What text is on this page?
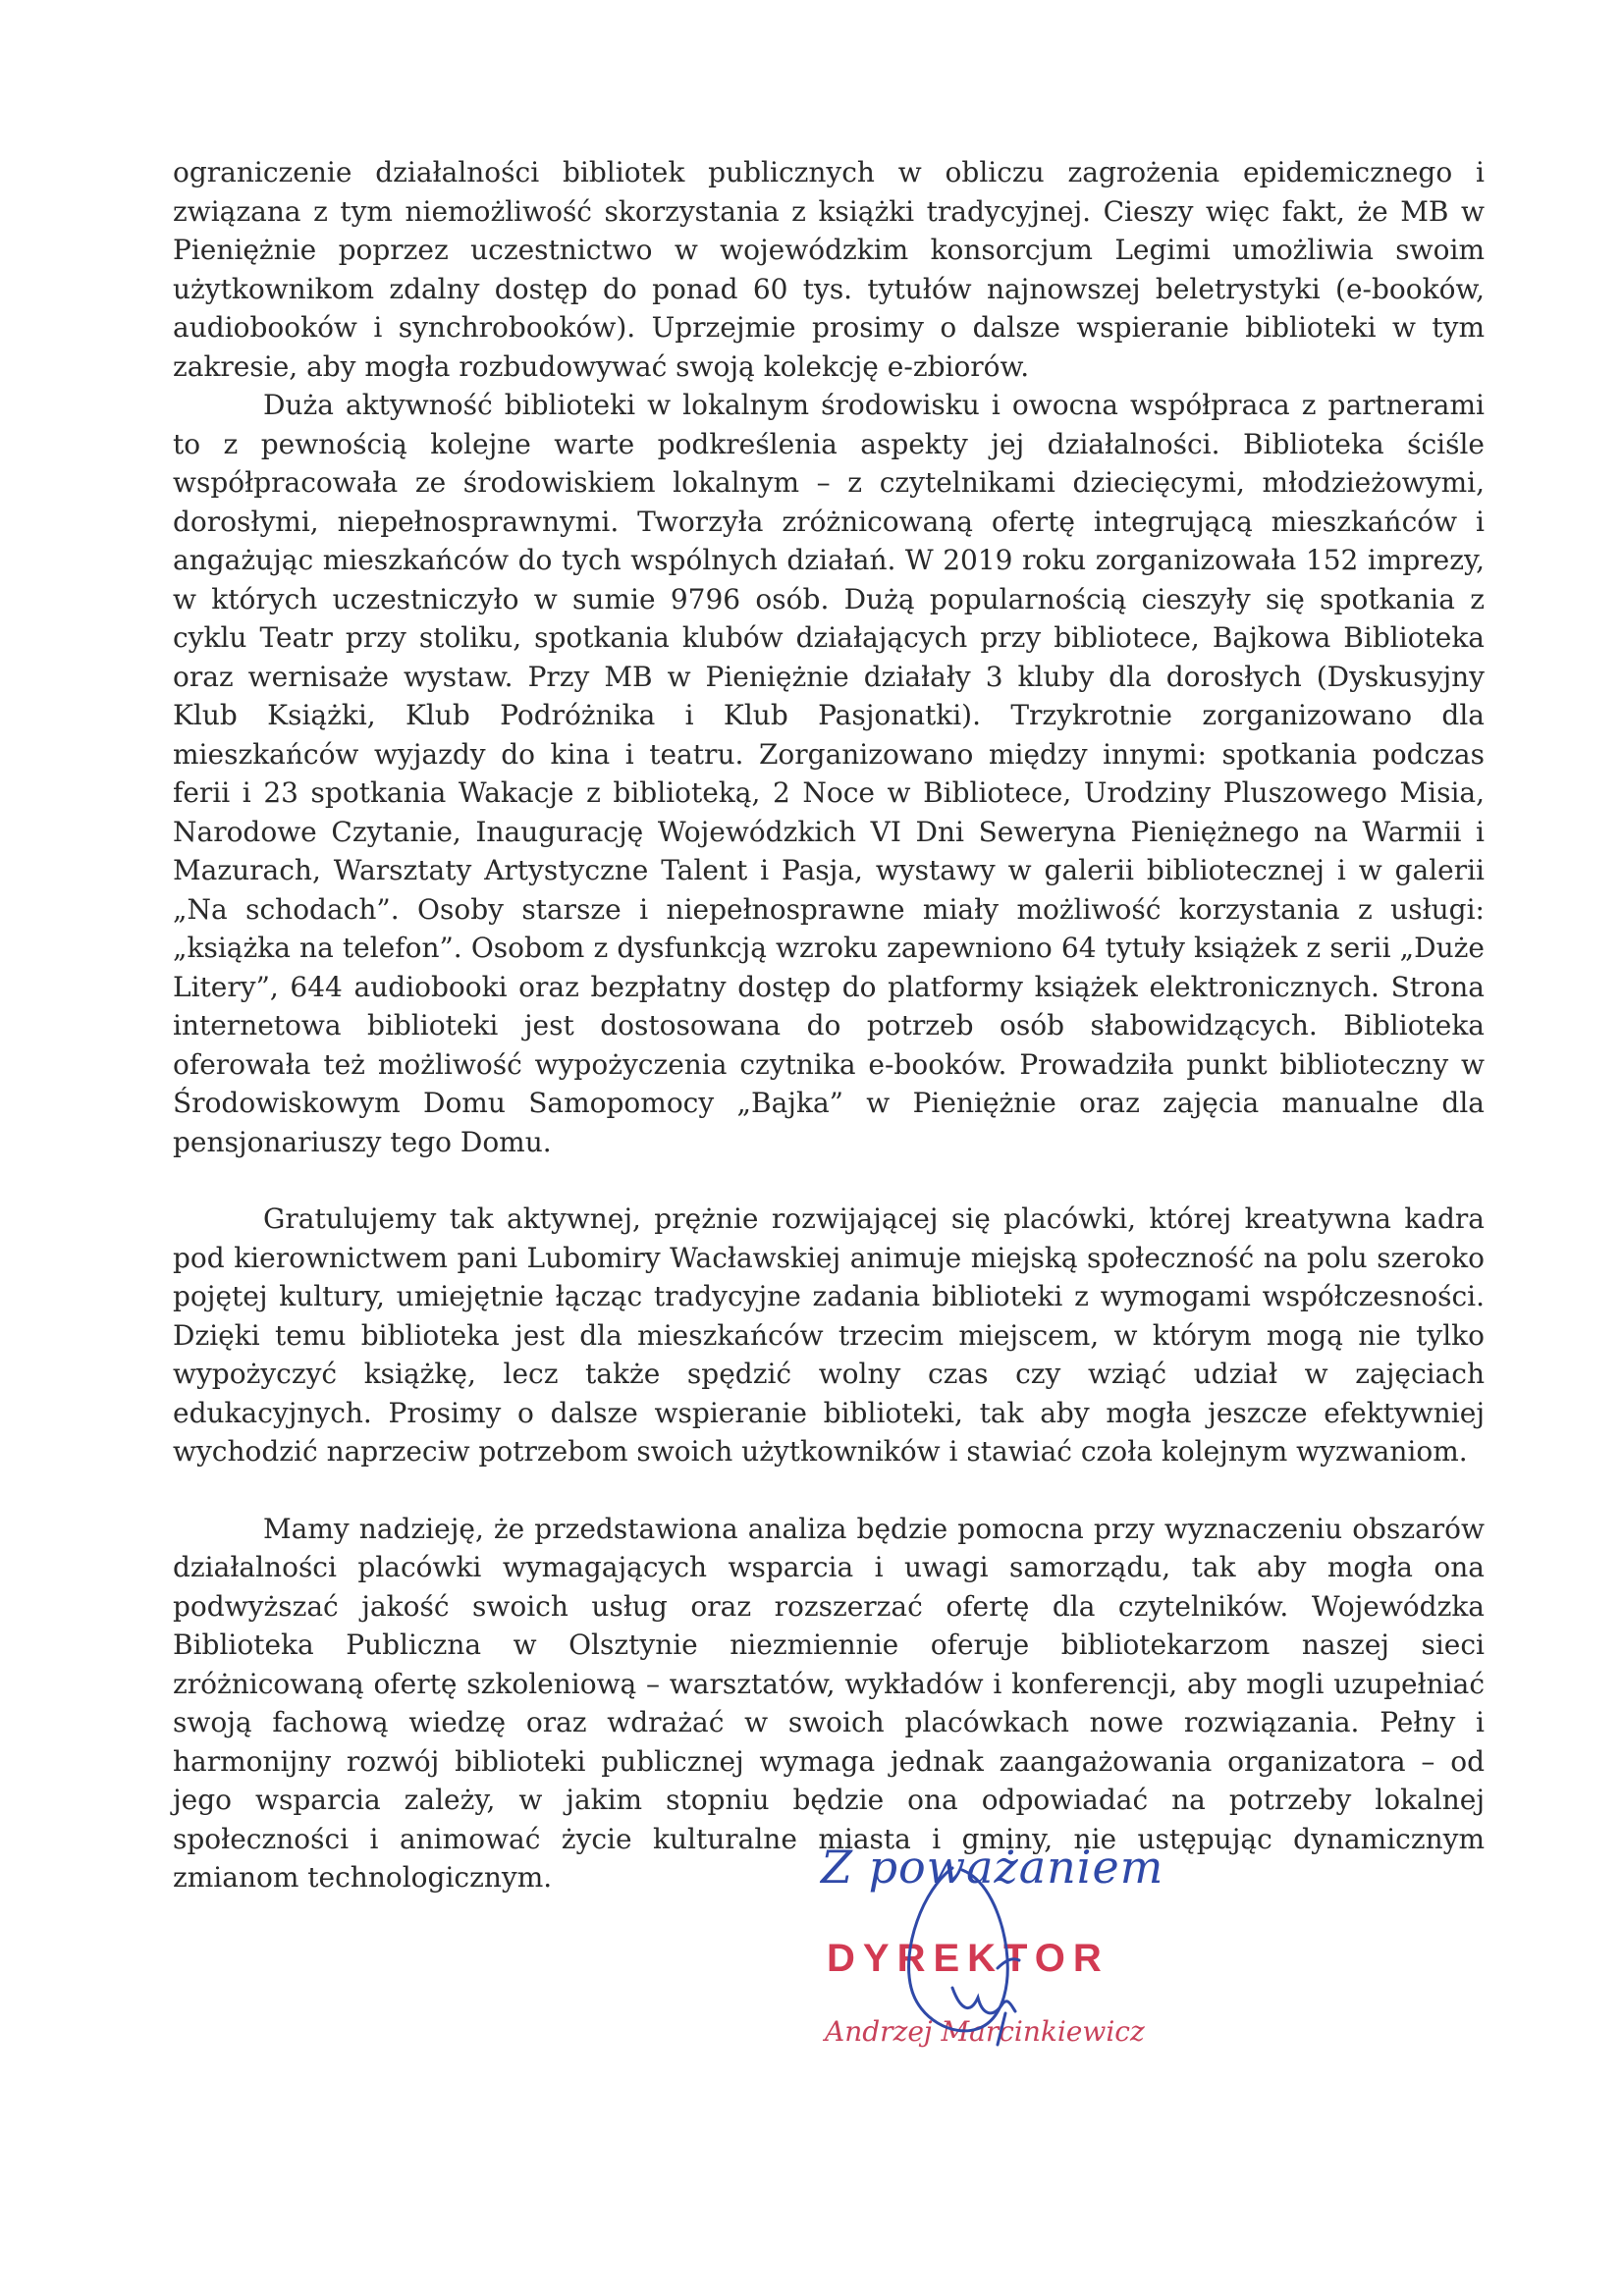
ograniczenie działalności bibliotek publicznych w obliczu zagrożenia epidemicznego i związana z tym niemożliwość skorzystania z książki tradycyjnej. Cieszy więc fakt, że MB w Pieniężnie poprzez uczestnictwo w wojewódzkim konsorcjum Legimi umożliwia swoim użytkownikom zdalny dostęp do ponad 60 tys. tytułów najnowszej beletrystyki (e-booków, audiobooków i synchrobooków). Uprzejmie prosimy o dalsze wspieranie biblioteki w tym zakresie, aby mogła rozbudowywać swoją kolekcję e-zbiorów.

Duża aktywność biblioteki w lokalnym środowisku i owocna współpraca z partnerami to z pewnością kolejne warte podkreślenia aspekty jej działalności. Biblioteka ściśle współpracowała ze środowiskiem lokalnym – z czytelnikami dziecięcymi, młodzieżowymi, dorosłymi, niepełnosprawnymi. Tworzyła zróżnicowaną ofertę integrującą mieszkańców i angażując mieszkańców do tych wspólnych działań. W 2019 roku zorganizowała 152 imprezy, w których uczestniczyło w sumie 9796 osób. Dużą popularnością cieszyły się spotkania z cyklu Teatr przy stoliku, spotkania klubów działających przy bibliotece, Bajkowa Biblioteka oraz wernisaże wystaw. Przy MB w Pieniężnie działały 3 kluby dla dorosłych (Dyskusyjny Klub Książki, Klub Podróżnika i Klub Pasjonatki). Trzykrotnie zorganizowano dla mieszkańców wyjazdy do kina i teatru. Zorganizowano między innymi: spotkania podczas ferii i 23 spotkania Wakacje z biblioteką, 2 Noce w Bibliotece, Urodziny Pluszowego Misia, Narodowe Czytanie, Inaugurację Wojewódzkich VI Dni Seweryna Pieniężnego na Warmii i Mazurach, Warsztaty Artystyczne Talent i Pasja, wystawy w galerii bibliotecznej i w galerii „Na schodach”. Osoby starsze i niepełnosprawne miały możliwość korzystania z usługi: „książka na telefon”. Osobom z dysfunkcją wzroku zapewniono 64 tytuły książek z serii „Duże Litery”, 644 audiobooki oraz bezpłatny dostęp do platformy książek elektronicznych. Strona internetowa biblioteki jest dostosowana do potrzeb osób słabowidzących. Biblioteka oferowała też możliwość wypożyczenia czytnika e-booków. Prowadziła punkt biblioteczny w Środowiskowym Domu Samopomocy „Bajka” w Pieniężnie oraz zajęcia manualne dla pensjonariuszy tego Domu.

Gratulujemy tak aktywnej, prężnie rozwijającej się placówki, której kreatywna kadra pod kierownictwem pani Lubomiry Wacławskiej animuje miejską społeczność na polu szeroko pojętej kultury, umiejętnie łącząc tradycyjne zadania biblioteki z wymogami współczesności. Dzięki temu biblioteka jest dla mieszkańców trzecim miejscem, w którym mogą nie tylko wypożyczyć książkę, lecz także spędzić wolny czas czy wziąć udział w zajęciach edukacyjnych. Prosimy o dalsze wspieranie biblioteki, tak aby mogła jeszcze efektywniej wychodzić naprzeciw potrzebom swoich użytkowników i stawiać czoła kolejnym wyzwaniom.

Mamy nadzieję, że przedstawiona analiza będzie pomocna przy wyznaczeniu obszarów działalności placówki wymagających wsparcia i uwagi samorządu, tak aby mogła ona podwyższać jakość swoich usług oraz rozszerzać ofertę dla czytelników. Wojewódzka Biblioteka Publiczna w Olsztynie niezmiennie oferuje bibliotekarzom naszej sieci zróżnicowaną ofertę szkoleniową – warsztatów, wykładów i konferencji, aby mogli uzupełniać swoją fachową wiedzę oraz wdrażać w swoich placówkach nowe rozwiązania. Pełny i harmonijny rozwój biblioteki publicznej wymaga jednak zaangażowania organizatora – od jego wsparcia zależy, w jakim stopniu będzie ona odpowiadać na potrzeby lokalnej społeczności i animować życie kulturalne miasta i gminy, nie ustępując dynamicznym zmianom technologicznym.	Z poważaniem
DYREKTOR
Andrzej Marcinkiewicz
